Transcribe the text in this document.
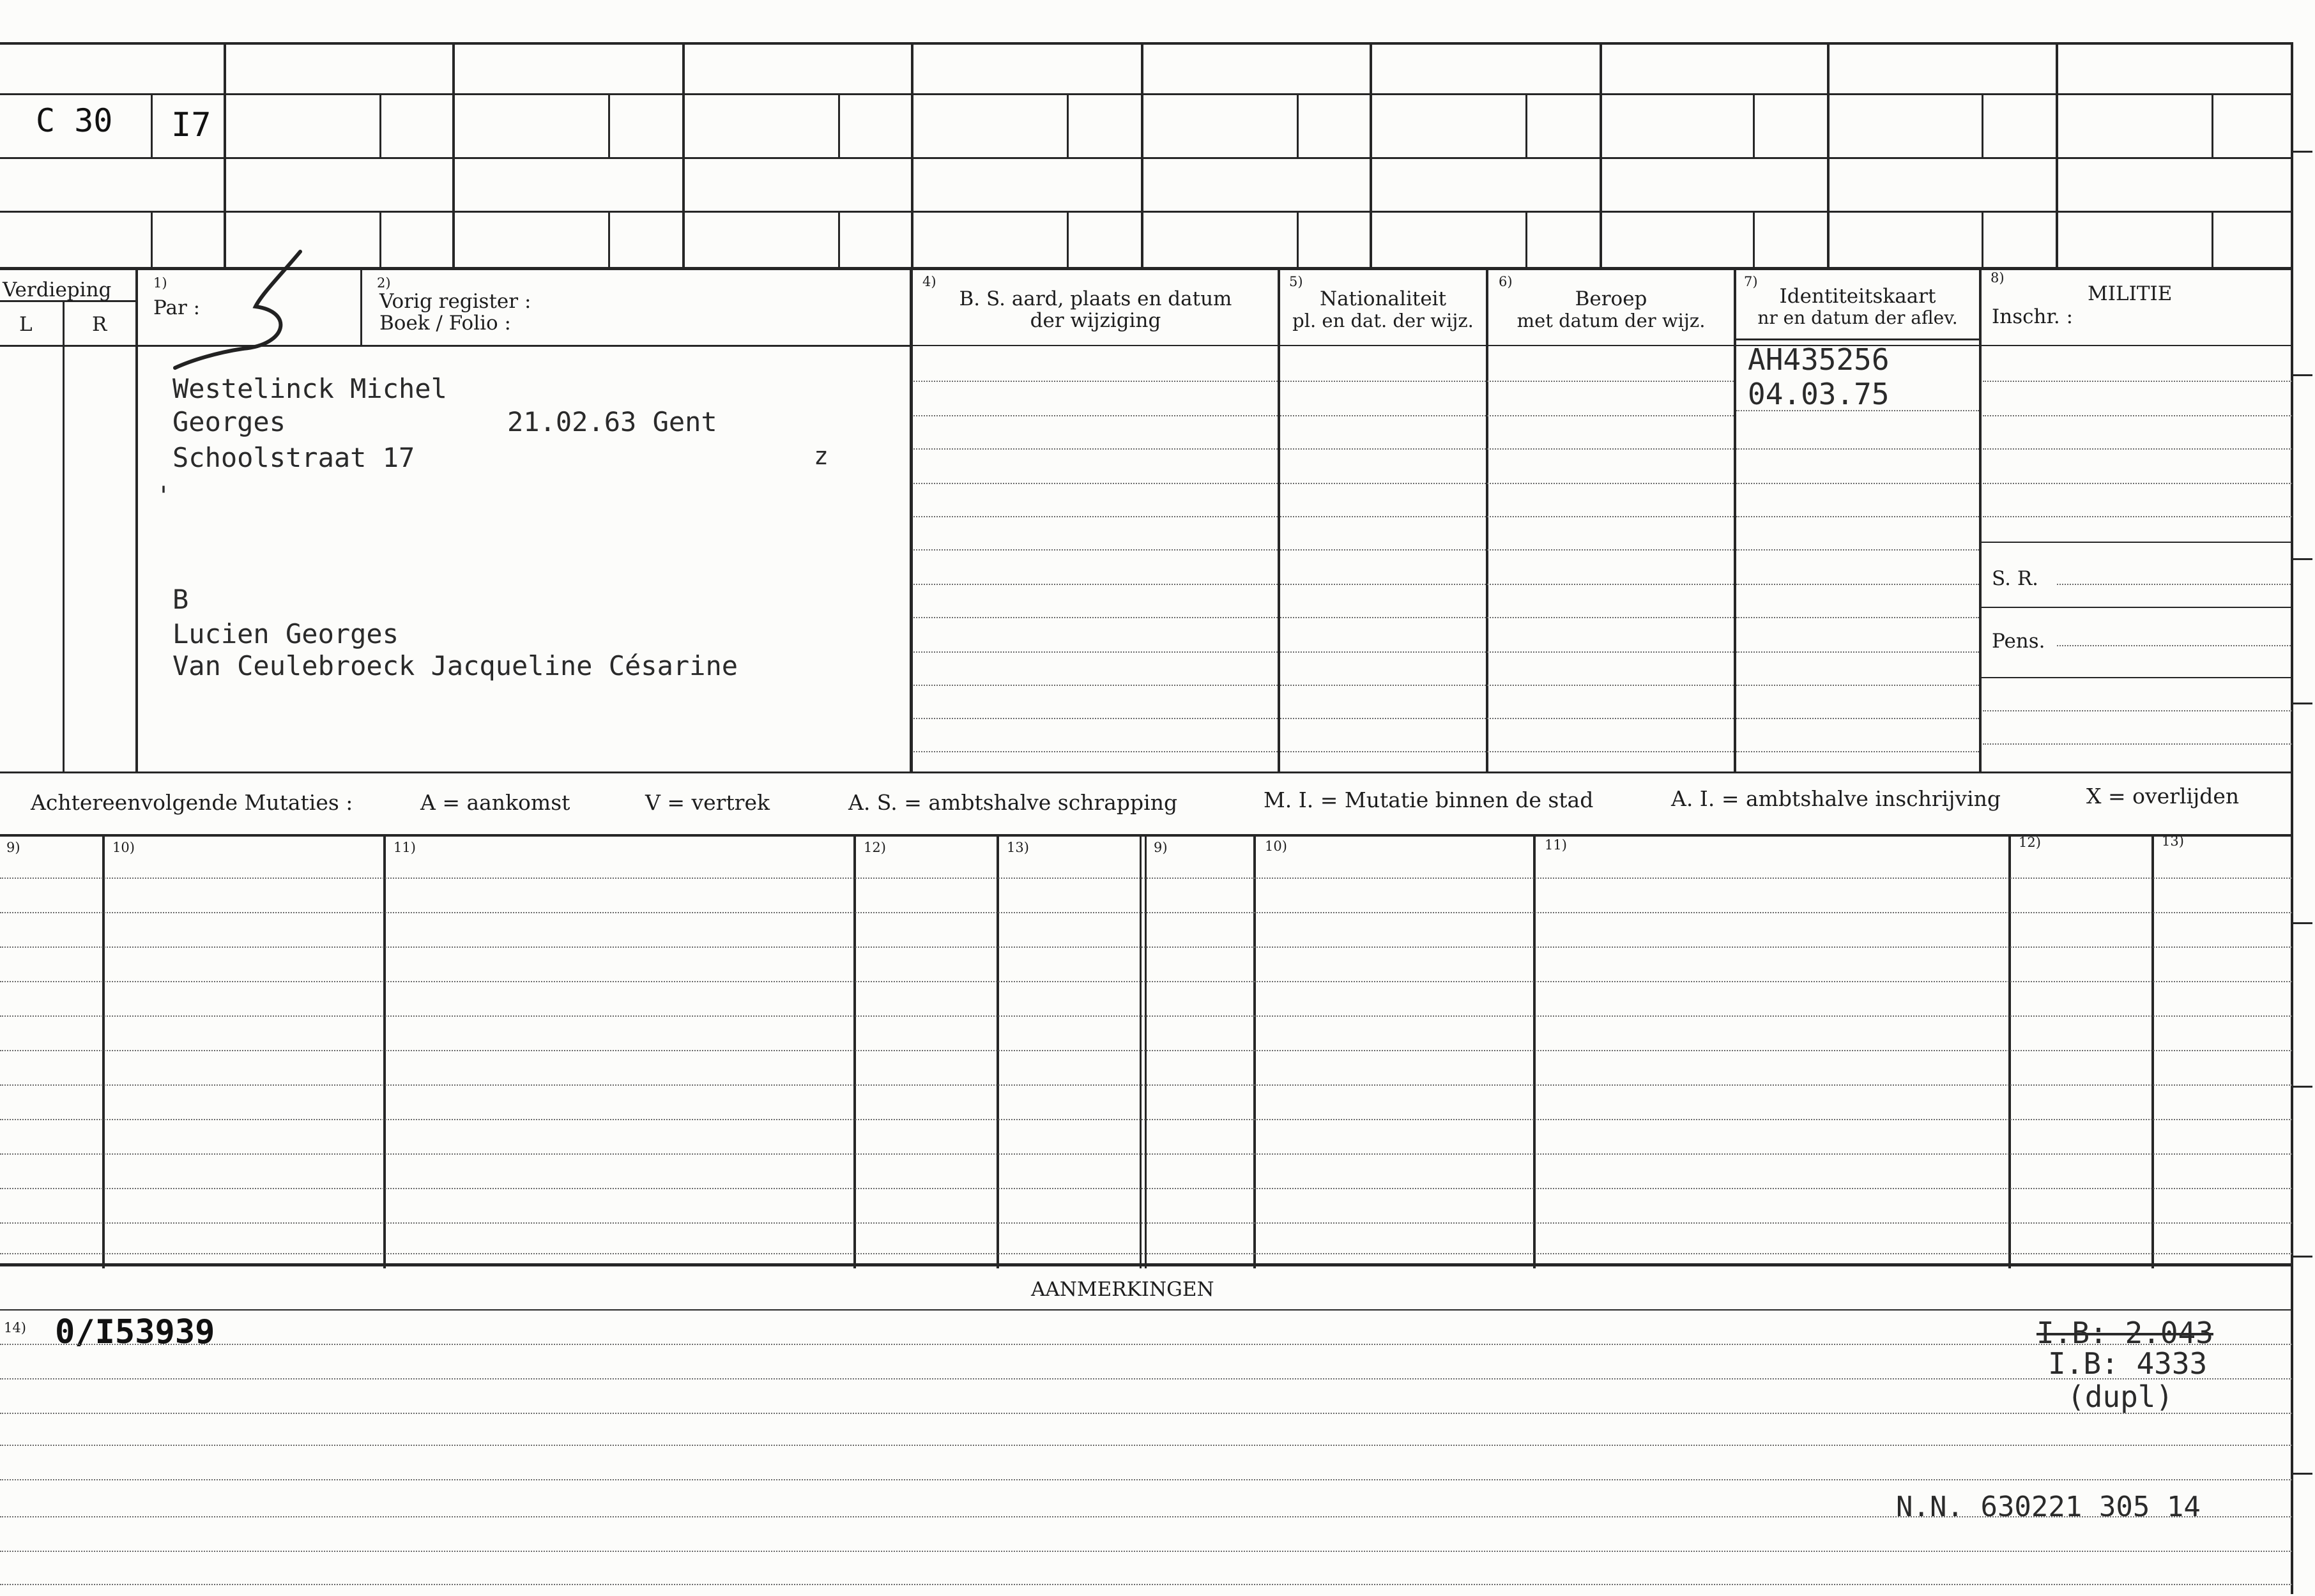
C 30 I7
Verdieping
L	R
1)
Par :
2)
Vorig register :
Boek / Folio :
4)
B. S. aard, plaats en datum
der wijziging
5)
Nationaliteit
pl. en dat. der wijz.
6)
Beroep
met datum der wijz.
7)
Identiteitskaart
nr en datum der aflev.
8)
MILITIE
Inschr. :
Westelinck Michel
Georges	21.02.63 Gent
Schoolstraat 17	z
'
B
Lucien Georges
Van Ceulebroeck Jacqueline Césarine
AH435256
04.03.75
S. R.
Pens.
Achtereenvolgende Mutaties :	A = aankomst	V = vertrek	A. S. = ambtshalve schrapping	M. I. = Mutatie binnen de stad	A. I. = ambtshalve inschrijving	X = overlijden
9)	10)	11)	12)	13)	9)	10)	11)	12)	13)
AANMERKINGEN
14) 0/I53939	I.B: 2.043
I.B: 4333
(dupl)
N.N. 630221 305 14
